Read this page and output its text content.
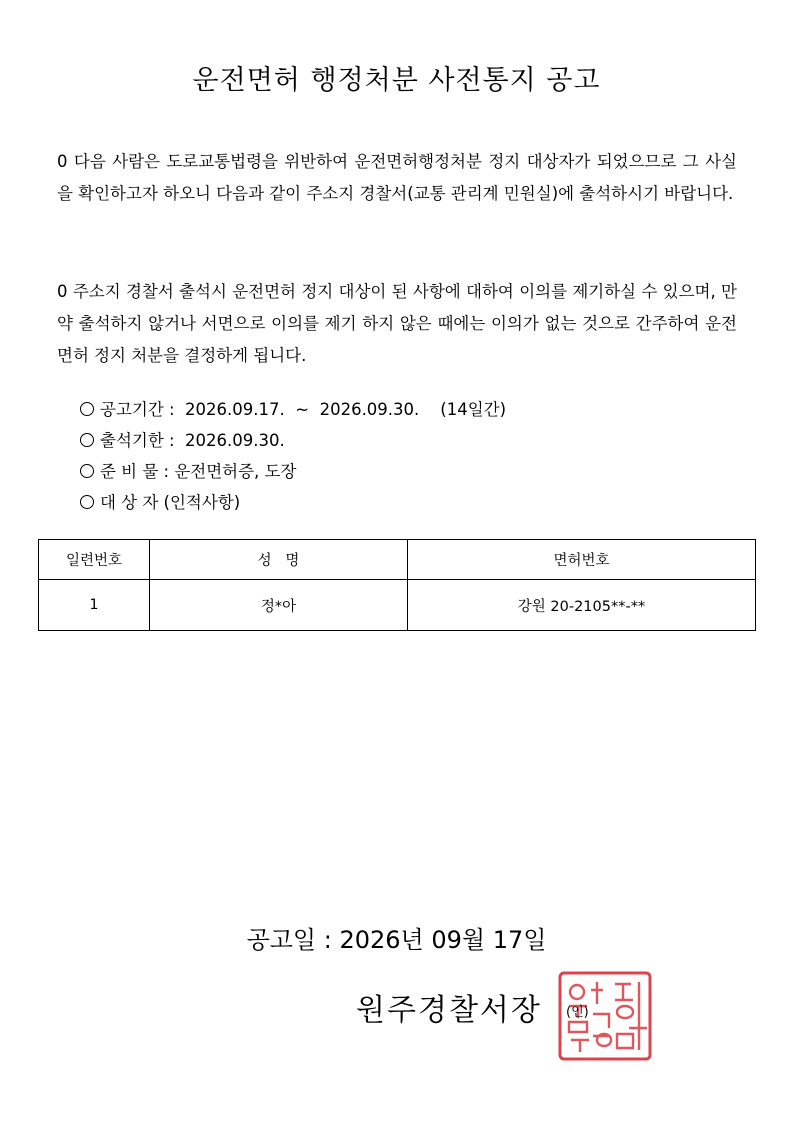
운전면허 행정처분 사전통지 공고

0 다음 사람은 도로교통법령을 위반하여 운전면허행정처분 정지 대상자가 되었으므로 그 사실을 확인하고자 하오니 다음과 같이 주소지 경찰서(교통 관리계 민원실)에 출석하시기 바랍니다.

0 주소지 경찰서 출석시 운전면허 정지 대상이 된 사항에 대하여 이의를 제기하실 수 있으며, 만약 출석하지 않거나 서면으로 이의를 제기 하지 않은 때에는 이의가 없는 것으로 간주하여 운전면허 정지 처분을 결정하게 됩니다.

공고기간 :  2026.09.17.  ~  2026.09.30.    (14일간)
출석기한 :  2026.09.30.
준 비 물 : 운전면허증, 도장
대 상 자 (인적사항)
일련번호	성   명	면허번호
1	정*아	강원 20-2105**-**
공고일 : 2026년 09월 17일
원주경찰서장 (인)
